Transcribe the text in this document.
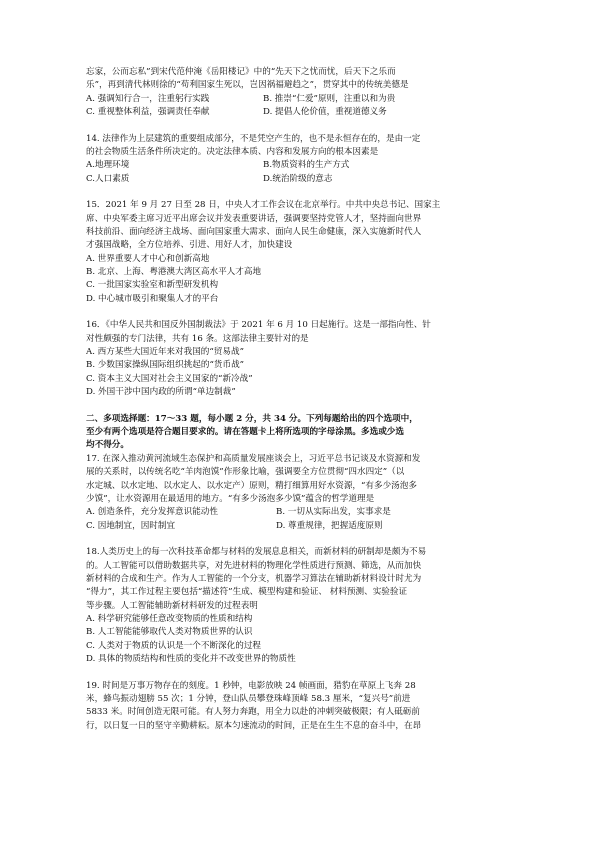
忘家，公而忘私”到宋代范仲淹《岳阳楼记》中的“先天下之忧而忧，后天下之乐而
乐”，再到清代林则徐的“苟利国家生死以，岂因祸福避趋之”，贯穿其中的传统美德是
A. 强调知行合一，注重躬行实践	B. 推崇“仁爱”原则，注重以和为贵
C. 重视整体利益，强调责任奉献	D. 提倡人伦价值，重视道德义务
14. 法律作为上层建筑的重要组成部分，不是凭空产生的，也不是永恒存在的，是由一定
的社会物质生活条件所决定的。决定法律本质、内容和发展方向的根本因素是
A.地理环境	B.物质资料的生产方式
C.人口素质	D.统治阶级的意志
15．2021 年 9 月 27 日至 28 日，中央人才工作会议在北京举行。中共中央总书记、国家主
席、中央军委主席习近平出席会议并发表重要讲话，强调要坚持党管人才，坚持面向世界
科技前沿、面向经济主战场、面向国家重大需求、面向人民生命健康，深入实施新时代人
才强国战略，全方位培养、引进、用好人才，加快建设
A. 世界重要人才中心和创新高地
B. 北京、上海、粤港澳大湾区高水平人才高地
C. 一批国家实验室和新型研发机构
D. 中心城市吸引和聚集人才的平台
16．《中华人民共和国反外国制裁法》于 2021 年 6 月 10 日起施行。这是一部指向性、针
对性颇强的专门法律，共有 16 条。这部法律主要针对的是
A. 西方某些大国近年来对我国的“贸易战”
B. 少数国家操纵国际组织挑起的“货币战”
C. 资本主义大国对社会主义国家的“新冷战”
D. 外国干涉中国内政的所谓“单边制裁”
二、多项选择题：17～33 题，每小题 2 分，共 34 分。下列每题给出的四个选项中，
至少有两个选项是符合题目要求的。请在答题卡上将所选项的字母涂黑。多选或少选
均不得分。
17. 在深入推动黄河流域生态保护和高质量发展座谈会上，习近平总书记谈及水资源和发
展的关系时，以传统名吃“羊肉泡馍”作形象比喻，强调要全方位贯彻“四水四定”（以
水定城、以水定地、以水定人、以水定产）原则，精打细算用好水资源，“有多少汤泡多
少馍”，让水资源用在最适用的地方。“有多少汤泡多少馍”蕴含的哲学道理是
A. 创造条件，充分发挥意识能动性	B. 一切从实际出发，实事求是
C. 因地制宜，因时制宜	D. 尊重规律，把握适度原则
18.人类历史上的每一次科技革命都与材料的发展息息相关，而新材料的研制却是颇为不易
的。人工智能可以借助数据共享，对先进材料的物理化学性质进行预测、筛选，从而加快
新材料的合成和生产。作为人工智能的一个分支，机器学习算法在辅助新材料设计时尤为
“得力”，其工作过程主要包括“描述符”生成、模型构建和验证、 材料预测、实验验证
等步骤。人工智能辅助新材料研发的过程表明
A. 科学研究能够任意改变物质的性质和结构
B. 人工智能能够取代人类对物质世界的认识
C. 人类对于物质的认识是一个不断深化的过程
D. 具体的物质结构和性质的变化并不改变世界的物质性
19. 时间是万事万物存在的刻度。1 秒钟，电影放映 24 帧画面，猎豹在草原上飞奔 28
米，蜂鸟振动翅膀 55 次；1 分钟，登山队员攀登珠峰顶峰 58.3 厘米，“复兴号”前进
5833 米。时间创造无限可能。有人努力奔跑，用全力以赴的冲刺突破极限；有人砥砺前
行，以日复一日的坚守辛勤耕耘。原本匀速流动的时间，正是在生生不息的奋斗中，在昂
